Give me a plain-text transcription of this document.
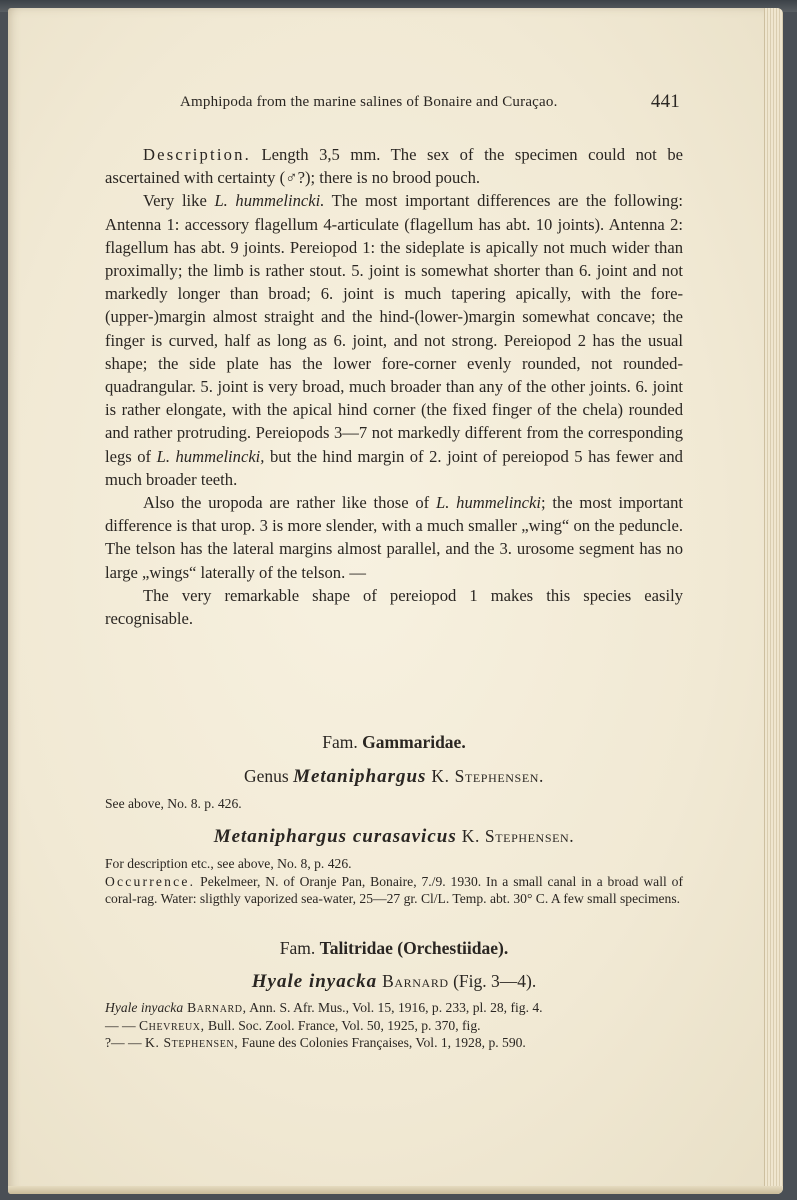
Amphipoda from the marine salines of Bonaire and Curaçao.	441

Description. Length 3,5 mm. The sex of the specimen could not be ascertained with certainty (♂?); there is no brood pouch.

Very like L. hummelincki. The most important differences are the following: Antenna 1: accessory flagellum 4-articulate (flagellum has abt. 10 joints). Antenna 2: flagellum has abt. 9 joints. Pereiopod 1: the sideplate is apically not much wider than proximally; the limb is rather stout. 5. joint is somewhat shorter than 6. joint and not markedly longer than broad; 6. joint is much tapering apically, with the fore-(upper-)margin almost straight and the hind-(lower-)margin somewhat concave; the finger is curved, half as long as 6. joint, and not strong. Pereiopod 2 has the usual shape; the side plate has the lower fore-corner evenly rounded, not rounded-quadrangular. 5. joint is very broad, much broader than any of the other joints. 6. joint is rather elongate, with the apical hind corner (the fixed finger of the chela) rounded and rather protruding. Pereiopods 3—7 not markedly different from the corresponding legs of L. hummelincki, but the hind margin of 2. joint of pereiopod 5 has fewer and much broader teeth.

Also the uropoda are rather like those of L. hummelincki; the most important difference is that urop. 3 is more slender, with a much smaller „wing“ on the peduncle. The telson has the lateral margins almost parallel, and the 3. urosome segment has no large „wings“ laterally of the telson. —

The very remarkable shape of pereiopod 1 makes this species easily recognisable.

Fam. Gammaridae.
Genus Metaniphargus K. Stephensen.
See above, No. 8. p. 426.
Metaniphargus curasavicus K. Stephensen.
For description etc., see above, No. 8, p. 426.
Occurrence. Pekelmeer, N. of Oranje Pan, Bonaire, 7./9. 1930. In a small canal in a broad wall of coral-rag. Water: sligthly vaporized sea-water, 25—27 gr. Cl/L. Temp. abt. 30° C. A few small specimens.
Fam. Talitridae (Orchestiidae).
Hyale inyacka Barnard (Fig. 3—4).
Hyale inyacka Barnard, Ann. S. Afr. Mus., Vol. 15, 1916, p. 233, pl. 28, fig. 4.
— — Chevreux, Bull. Soc. Zool. France, Vol. 50, 1925, p. 370, fig.
?— — K. Stephensen, Faune des Colonies Françaises, Vol. 1, 1928, p. 590.
